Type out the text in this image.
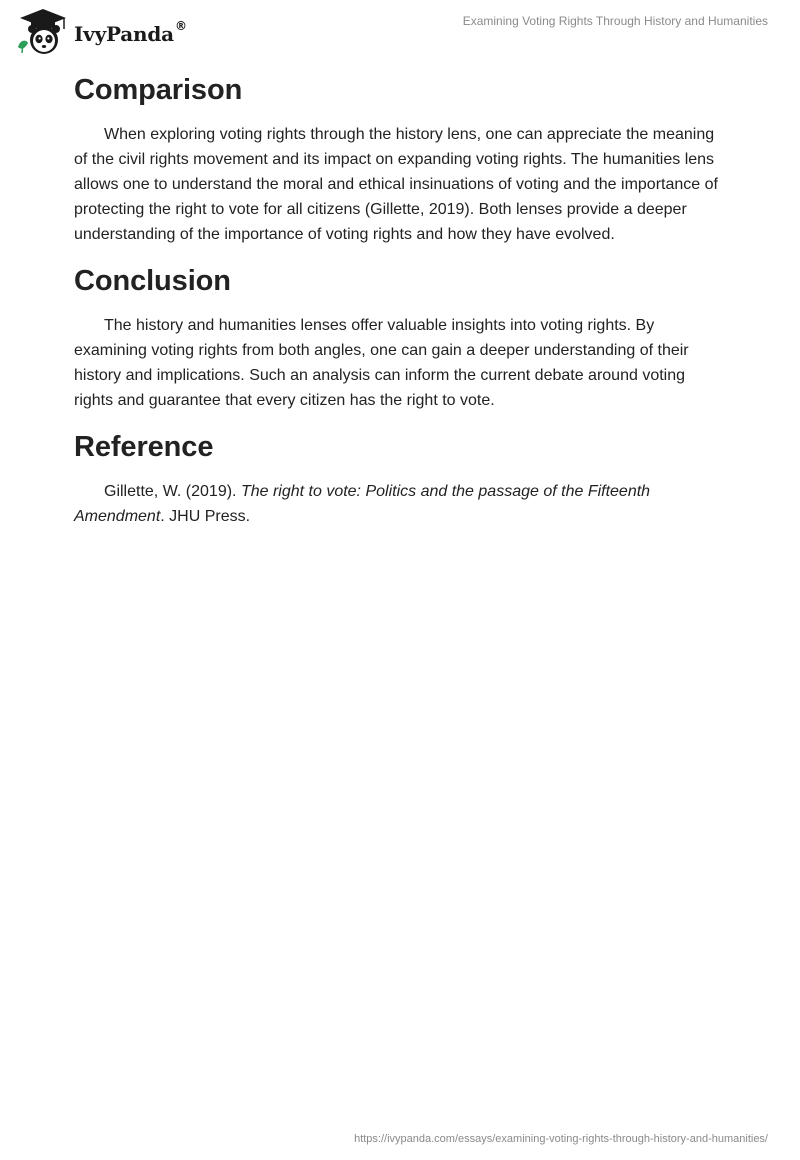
IvyPanda®	Examining Voting Rights Through History and Humanities
Comparison

When exploring voting rights through the history lens, one can appreciate the meaning of the civil rights movement and its impact on expanding voting rights. The humanities lens allows one to understand the moral and ethical insinuations of voting and the importance of protecting the right to vote for all citizens (Gillette, 2019). Both lenses provide a deeper understanding of the importance of voting rights and how they have evolved.

Conclusion

The history and humanities lenses offer valuable insights into voting rights. By examining voting rights from both angles, one can gain a deeper understanding of their history and implications. Such an analysis can inform the current debate around voting rights and guarantee that every citizen has the right to vote.

Reference

Gillette, W. (2019). The right to vote: Politics and the passage of the Fifteenth Amendment. JHU Press.

https://ivypanda.com/essays/examining-voting-rights-through-history-and-humanities/
